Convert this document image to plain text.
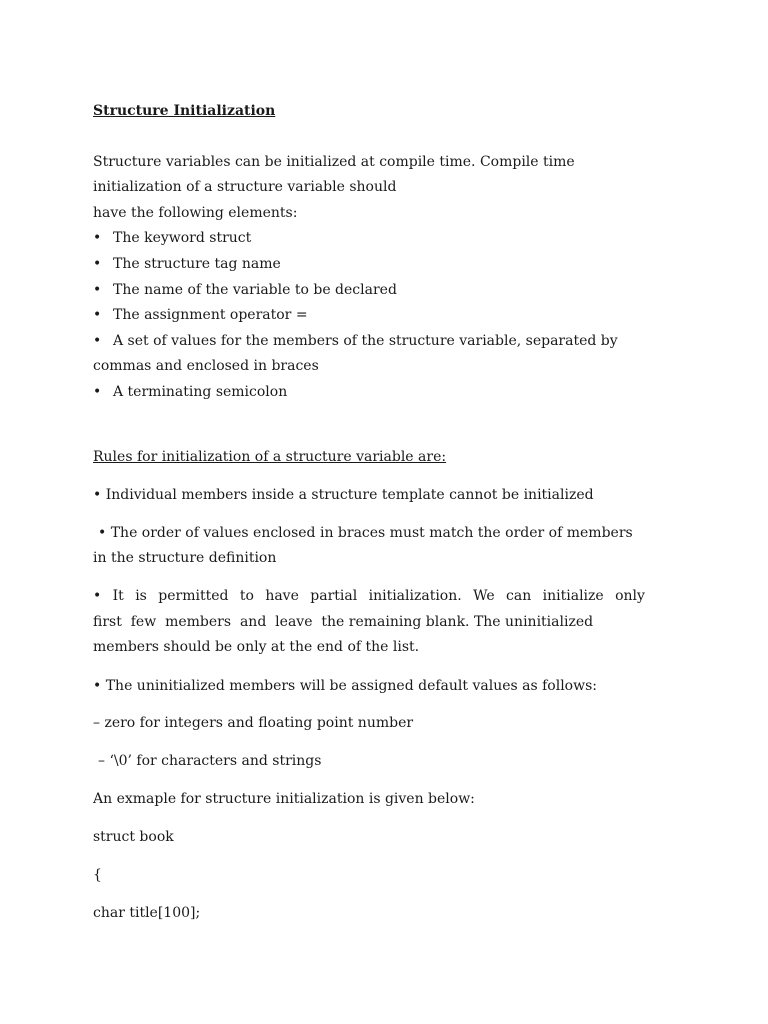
Structure Initialization
Structure variables can be initialized at compile time. Compile time
initialization of a structure variable should
have the following elements:
• The keyword struct
• The structure tag name
• The name of the variable to be declared
• The assignment operator =
• A set of values for the members of the structure variable, separated by
commas and enclosed in braces
• A terminating semicolon
Rules for initialization of a structure variable are:
• Individual members inside a structure template cannot be initialized
• The order of values enclosed in braces must match the order of members
in the structure definition
• It is permitted to have partial initialization. We can initialize only
first  few  members  and  leave  the remaining blank. The uninitialized
members should be only at the end of the list.
• The uninitialized members will be assigned default values as follows:
– zero for integers and floating point number
– ‘\0’ for characters and strings
An exmaple for structure initialization is given below:
struct book
{
char title[100];
